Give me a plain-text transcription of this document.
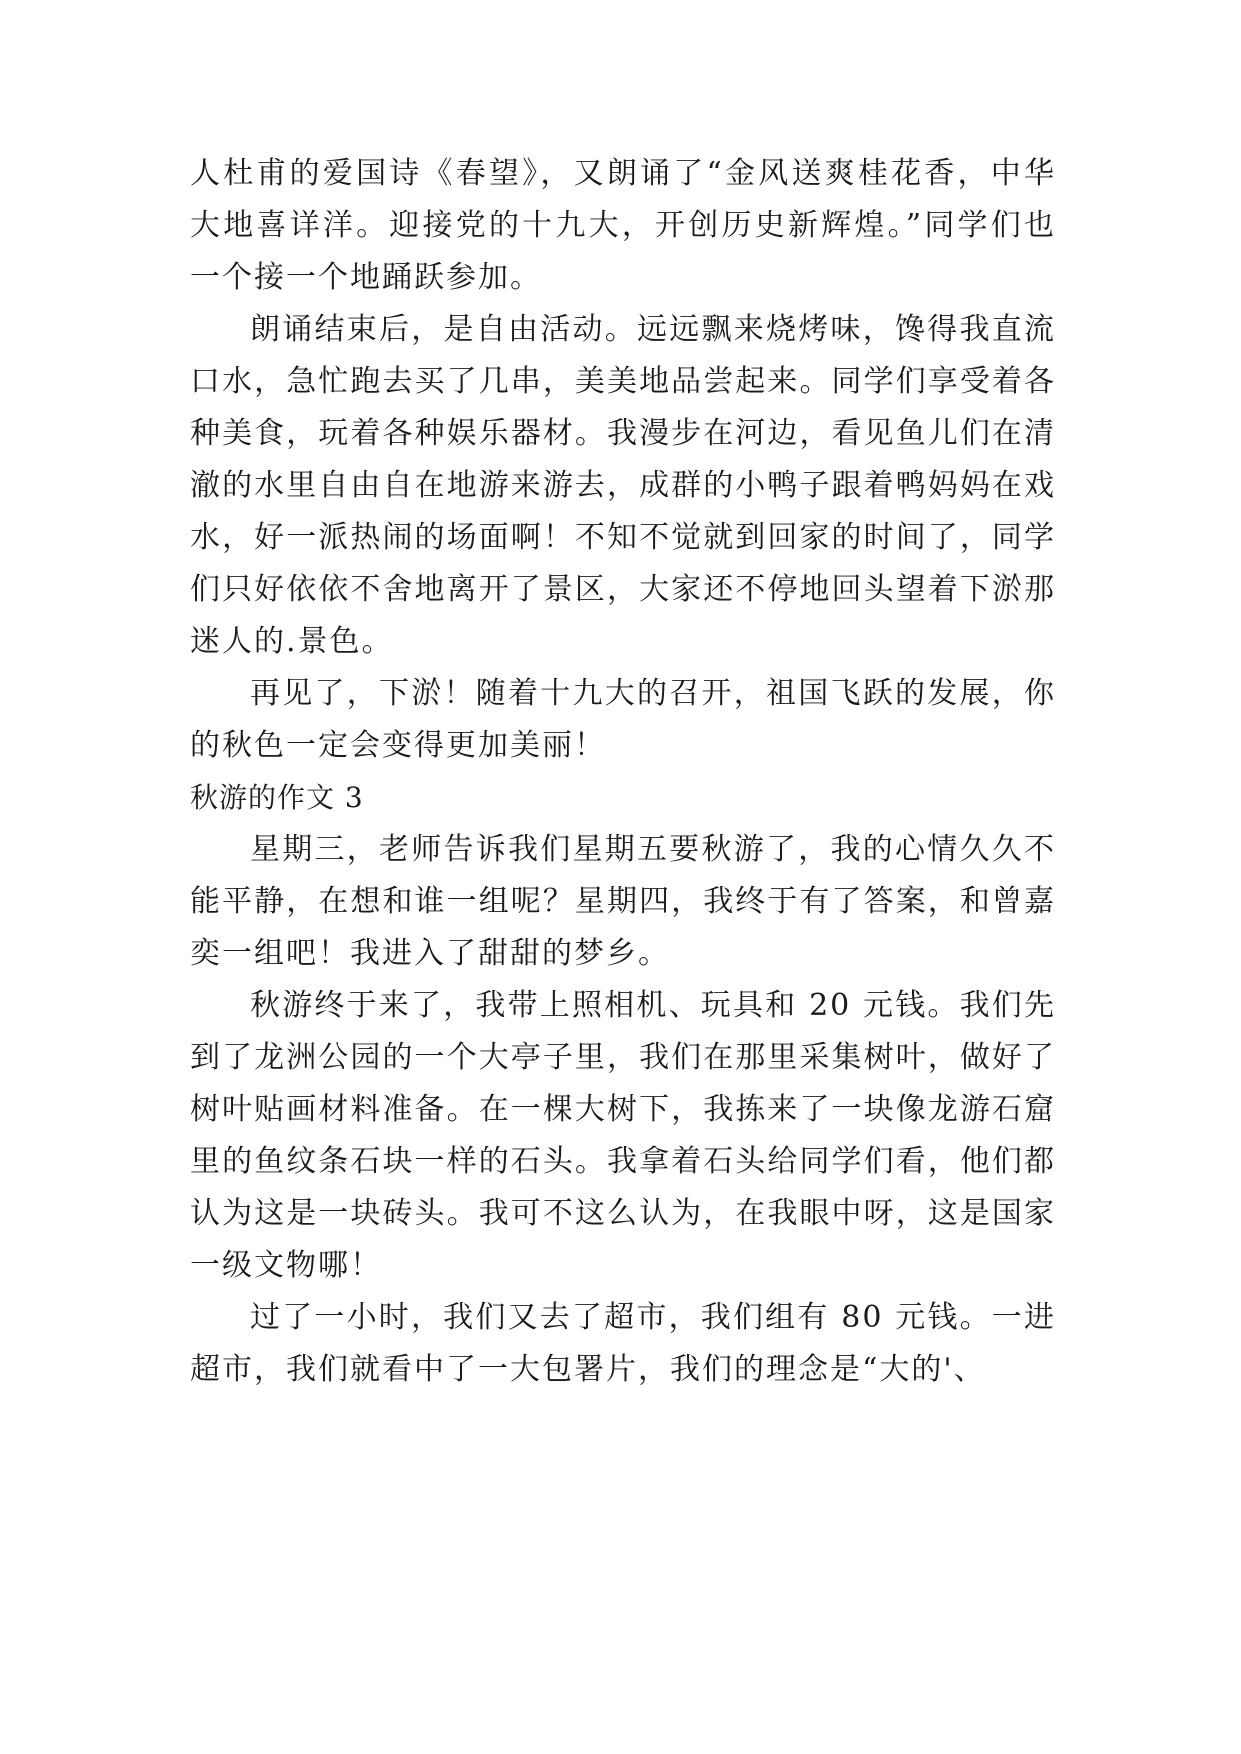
人杜甫的爱国诗《春望》，又朗诵了“金风送爽桂花香，中华大地喜详洋。迎接党的十九大，开创历史新辉煌。”同学们也一个接一个地踊跃参加。

朗诵结束后，是自由活动。远远飘来烧烤味，馋得我直流口水，急忙跑去买了几串，美美地品尝起来。同学们享受着各种美食，玩着各种娱乐器材。我漫步在河边，看见鱼儿们在清澈的水里自由自在地游来游去，成群的小鸭子跟着鸭妈妈在戏水，好一派热闹的场面啊！不知不觉就到回家的时间了，同学们只好依依不舍地离开了景区，大家还不停地回头望着下淤那迷人的.景色。

再见了，下淤！随着十九大的召开，祖国飞跃的发展，你的秋色一定会变得更加美丽！

秋游的作文 3

星期三，老师告诉我们星期五要秋游了，我的心情久久不能平静，在想和谁一组呢？星期四，我终于有了答案，和曾嘉奕一组吧！我进入了甜甜的梦乡。

秋游终于来了，我带上照相机、玩具和 20 元钱。我们先到了龙洲公园的一个大亭子里，我们在那里采集树叶，做好了树叶贴画材料准备。在一棵大树下，我拣来了一块像龙游石窟里的鱼纹条石块一样的石头。我拿着石头给同学们看，他们都认为这是一块砖头。我可不这么认为，在我眼中呀，这是国家一级文物哪！

过了一小时，我们又去了超市，我们组有 80 元钱。一进超市，我们就看中了一大包署片，我们的理念是“大的'、
